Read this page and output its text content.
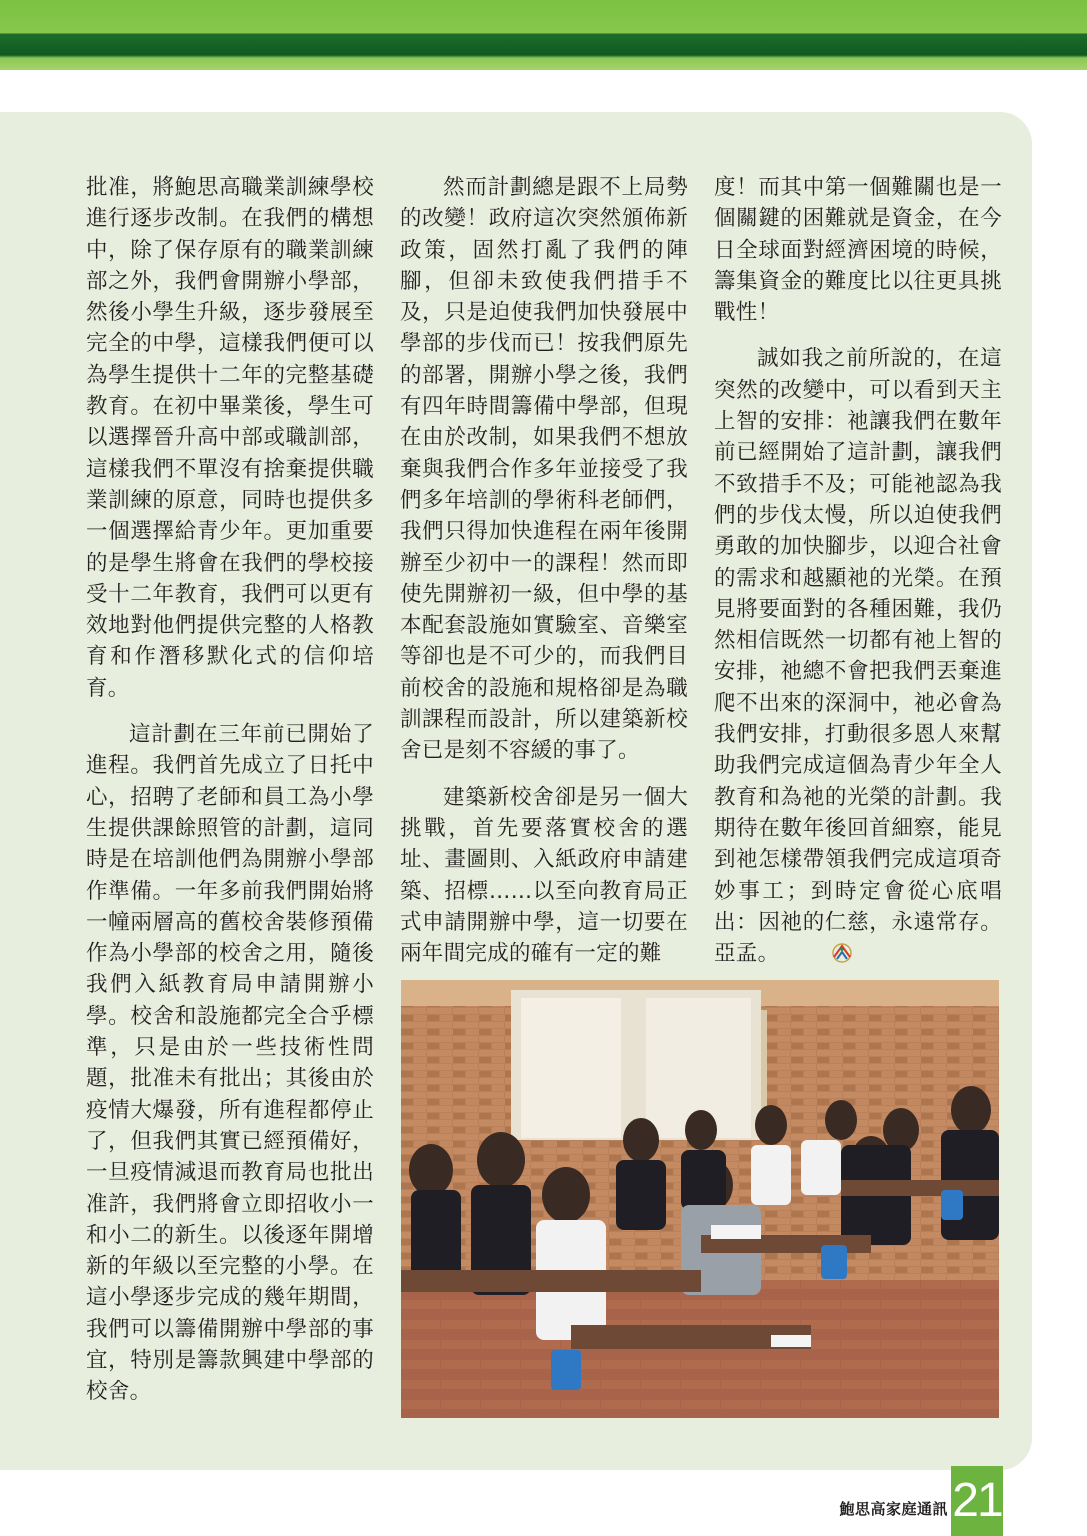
批准，將鮑思高職業訓練學校進行逐步改制。在我們的構想中，除了保存原有的職業訓練部之外，我們會開辦小學部，然後小學生升級，逐步發展至完全的中學，這樣我們便可以為學生提供十二年的完整基礎教育。在初中畢業後，學生可以選擇晉升高中部或職訓部，這樣我們不單沒有捨棄提供職業訓練的原意，同時也提供多一個選擇給青少年。更加重要的是學生將會在我們的學校接受十二年教育，我們可以更有效地對他們提供完整的人格教育和作潛移默化式的信仰培育。

這計劃在三年前已開始了進程。我們首先成立了日托中心，招聘了老師和員工為小學生提供課餘照管的計劃，這同時是在培訓他們為開辦小學部作準備。一年多前我們開始將一幢兩層高的舊校舍裝修預備作為小學部的校舍之用，隨後我們入紙教育局申請開辦小學。校舍和設施都完全合乎標準，只是由於一些技術性問題，批准未有批出；其後由於疫情大爆發，所有進程都停止了，但我們其實已經預備好，一旦疫情減退而教育局也批出准許，我們將會立即招收小一和小二的新生。以後逐年開增新的年級以至完整的小學。在這小學逐步完成的幾年期間，我們可以籌備開辦中學部的事宜，特別是籌款興建中學部的校舍。

然而計劃總是跟不上局勢的改變！政府這次突然頒佈新政策，固然打亂了我們的陣腳，但卻未致使我們措手不及，只是迫使我們加快發展中學部的步伐而已！按我們原先的部署，開辦小學之後，我們有四年時間籌備中學部，但現在由於改制，如果我們不想放棄與我們合作多年並接受了我們多年培訓的學術科老師們，我們只得加快進程在兩年後開辦至少初中一的課程！然而即使先開辦初一級，但中學的基本配套設施如實驗室、音樂室等卻也是不可少的，而我們目前校舍的設施和規格卻是為職訓課程而設計，所以建築新校舍已是刻不容緩的事了。

建築新校舍卻是另一個大挑戰，首先要落實校舍的選址、畫圖則、入紙政府申請建築、招標……以至向教育局正式申請開辦中學，這一切要在兩年間完成的確有一定的難

度！而其中第一個難關也是一個關鍵的困難就是資金，在今日全球面對經濟困境的時候，籌集資金的難度比以往更具挑戰性！

誠如我之前所說的，在這突然的改變中，可以看到天主上智的安排：祂讓我們在數年前已經開始了這計劃，讓我們不致措手不及；可能祂認為我們的步伐太慢，所以迫使我們勇敢的加快腳步，以迎合社會的需求和越顯祂的光榮。在預見將要面對的各種困難，我仍然相信既然一切都有祂上智的安排，祂總不會把我們丟棄進爬不出來的深洞中，祂必會為我們安排，打動很多恩人來幫助我們完成這個為青少年全人教育和為祂的光榮的計劃。我期待在數年後回首細察，能見到祂怎樣帶領我們完成這項奇妙事工；到時定會從心底唱出：因祂的仁慈，永遠常存。亞孟。

鮑思高家庭通訊 21
